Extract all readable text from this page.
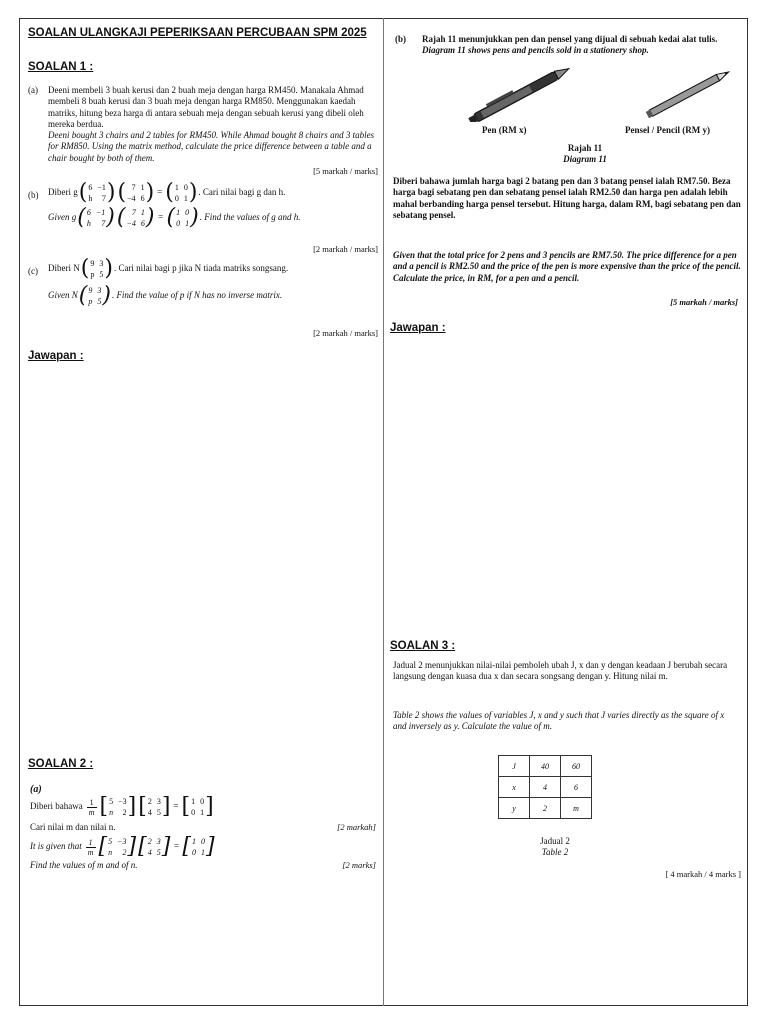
SOALAN ULANGKAJI PEPERIKSAAN PERCUBAAN SPM 2025
SOALAN 1 :
(a) Deeni membeli 3 buah kerusi dan 2 buah meja dengan harga RM450. Manakala Ahmad membeli 8 buah kerusi dan 3 buah meja dengan harga RM850. Menggunakan kaedah matriks, hitung beza harga di antara sebuah meja dengan sebuah kerusi yang dibeli oleh mereka berdua.
Deeni bought 3 chairs and 2 tables for RM450. While Ahmad bought 8 chairs and 3 tables for RM850. Using the matrix method, calculate the price difference between a table and a chair bought by both of them.
[5 markah / marks]
(b) Diberi g ( 6 −1
h	7 ) ( 7 1
−4 6 ) = ( 1 0
0 1 ) . Cari nilai bagi g dan h.
Given g ( 6 −1
h	7 ) ( 7 1
−4 6 ) = ( 1 0
0 1 ) . Find the values of g and h.
[2 markah / marks]
(c) Diberi N ( 9 3
p 5 ) . Cari nilai bagi p jika N tiada matriks songsang.
Given N ( 9 3
p 5 ) . Find the value of p if N has no inverse matrix.
[2 markah / marks]
Jawapan :
SOALAN 2 :
(a)
Diberi bahawa $\frac{1}{m}$ [ 5 −3
n	2 ] [ 2 3
4 5 ] = [ 1 0
0 1 ]
Cari nilai m dan nilai n.	[2 markah]
It is given that $\frac{1}{m}$ [ 5 −3
n	2 ] [ 2 3
4 5 ] = [ 1 0
0 1 ]
Find the values of m and of n.	[2 marks]
(b) Rajah 11 menunjukkan pen dan pensel yang dijual di sebuah kedai alat tulis.
Diagram 11 shows pens and pencils sold in a stationery shop.
Pen (RM x)	Pensel / Pencil (RM y)
Rajah 11
Diagram 11
Diberi bahawa jumlah harga bagi 2 batang pen dan 3 batang pensel ialah RM7.50. Beza harga bagi sebatang pen dan sebatang pensel ialah RM2.50 dan harga pen adalah lebih mahal berbanding harga pensel tersebut. Hitung harga, dalam RM, bagi sebatang pen dan sebatang pensel.
Given that the total price for 2 pens and 3 pencils are RM7.50. The price difference for a pen and a pencil is RM2.50 and the price of the pen is more expensive than the price of the pencil. Calculate the price, in RM, for a pen and a pencil.
[5 markah / marks]
Jawapan :
SOALAN 3 :
Jadual 2 menunjukkan nilai-nilai pemboleh ubah J, x dan y dengan keadaan J berubah secara langsung dengan kuasa dua x dan secara songsang dengan y. Hitung nilai m.
Table 2 shows the values of variables J, x and y such that J varies directly as the square of x and inversely as y. Calculate the value of m.
J	40	60
x	4	6
y	2	m
Jadual 2
Table 2
[ 4 markah / 4 marks ]
